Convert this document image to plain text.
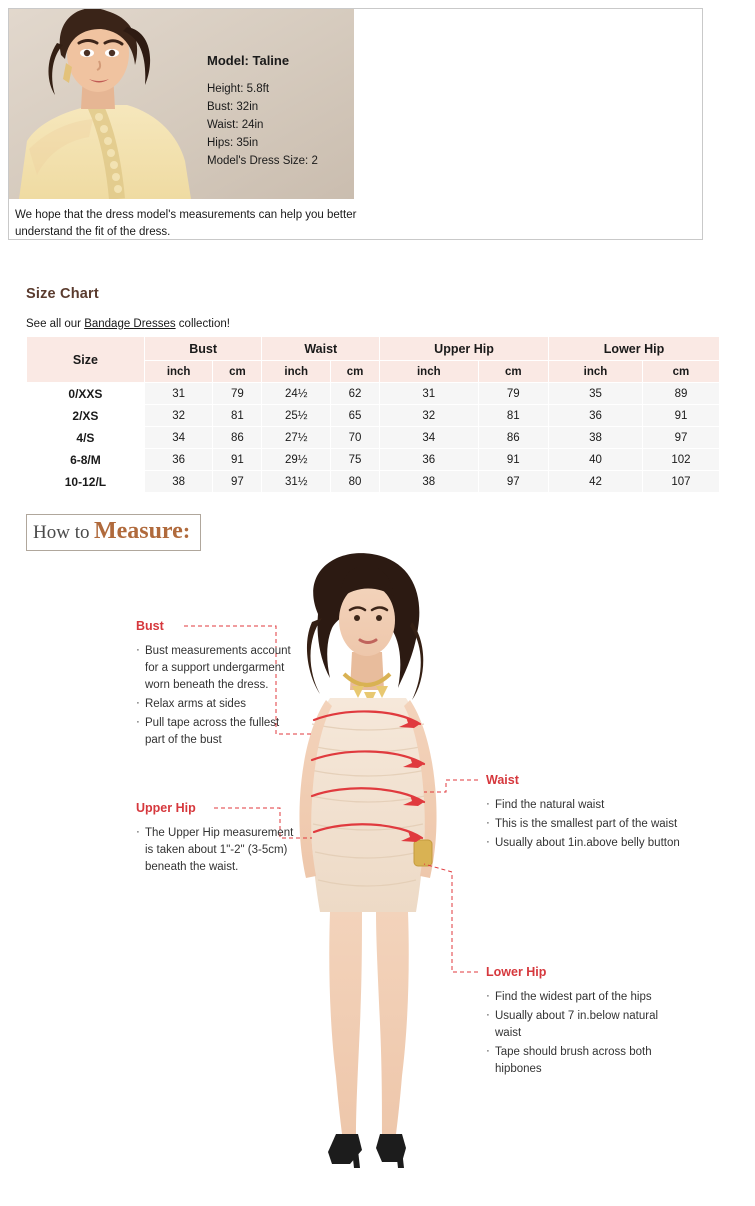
Model: Taline
Height: 5.8ft
Bust: 32in
Waist: 24in
Hips: 35in
Model's Dress Size: 2
We hope that the dress model's measurements can help you better understand the fit of the dress.
Size Chart
See all our Bandage Dresses collection!
Size	Bust		Waist		Upper Hip		Lower Hip	
	inch	cm	inch	cm	inch	cm	inch	cm
0/XXS	31	79	24½	62	31	79	35	89
2/XS	32	81	25½	65	32	81	36	91
4/S	34	86	27½	70	34	86	38	97
6-8/M	36	91	29½	75	36	91	40	102
10-12/L	38	97	31½	80	38	97	42	107
How to Measure:
Bust
· Bust measurements account for a support undergarment worn beneath the dress.
· Relax arms at sides
· Pull tape across the fullest part of the bust
Upper Hip
· The Upper Hip measurement is taken about 1"-2" (3-5cm) beneath the waist.
Waist
· Find the natural waist
· This is the smallest part of the waist
· Usually about 1in.above belly button
Lower Hip
· Find the widest part of the hips
· Usually about 7 in.below natural waist
· Tape should brush across both hipbones
